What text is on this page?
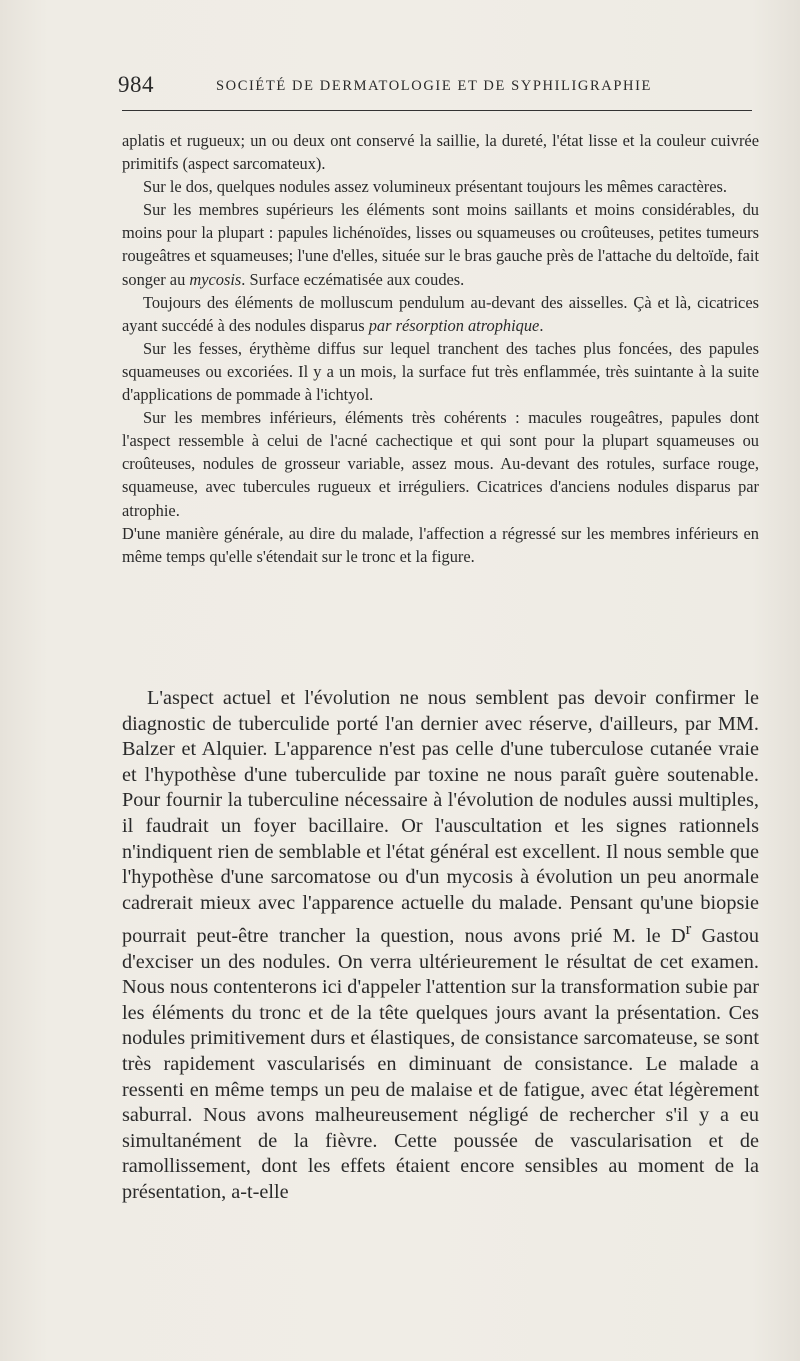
984	SOCIÉTÉ DE DERMATOLOGIE ET DE SYPHILIGRAPHIE

aplatis et rugueux; un ou deux ont conservé la saillie, la dureté, l'état lisse et la couleur cuivrée primitifs (aspect sarcomateux).

Sur le dos, quelques nodules assez volumineux présentant toujours les mêmes caractères.

Sur les membres supérieurs les éléments sont moins saillants et moins considérables, du moins pour la plupart : papules lichénoïdes, lisses ou squameuses ou croûteuses, petites tumeurs rougeâtres et squameuses; l'une d'elles, située sur le bras gauche près de l'attache du deltoïde, fait songer au mycosis. Surface eczématisée aux coudes.

Toujours des éléments de molluscum pendulum au-devant des aisselles. Çà et là, cicatrices ayant succédé à des nodules disparus par résorption atrophique.

Sur les fesses, érythème diffus sur lequel tranchent des taches plus foncées, des papules squameuses ou excoriées. Il y a un mois, la surface fut très enflammée, très suintante à la suite d'applications de pommade à l'ichtyol.

Sur les membres inférieurs, éléments très cohérents : macules rougeâtres, papules dont l'aspect ressemble à celui de l'acné cachectique et qui sont pour la plupart squameuses ou croûteuses, nodules de grosseur variable, assez mous. Au-devant des rotules, surface rouge, squameuse, avec tubercules rugueux et irréguliers. Cicatrices d'anciens nodules disparus par atrophie.

D'une manière générale, au dire du malade, l'affection a régressé sur les membres inférieurs en même temps qu'elle s'étendait sur le tronc et la figure.

L'aspect actuel et l'évolution ne nous semblent pas devoir confirmer le diagnostic de tuberculide porté l'an dernier avec réserve, d'ailleurs, par MM. Balzer et Alquier. L'apparence n'est pas celle d'une tuberculose cutanée vraie et l'hypothèse d'une tuberculide par toxine ne nous paraît guère soutenable. Pour fournir la tuberculine nécessaire à l'évolution de nodules aussi multiples, il faudrait un foyer bacillaire. Or l'auscultation et les signes rationnels n'indiquent rien de semblable et l'état général est excellent. Il nous semble que l'hypothèse d'une sarcomatose ou d'un mycosis à évolution un peu anormale cadrerait mieux avec l'apparence actuelle du malade. Pensant qu'une biopsie pourrait peut-être trancher la question, nous avons prié M. le $D^r$ Gastou d'exciser un des nodules. On verra ultérieurement le résultat de cet examen. Nous nous contenterons ici d'appeler l'attention sur la transformation subie par les éléments du tronc et de la tête quelques jours avant la présentation. Ces nodules primitivement durs et élastiques, de consistance sarcomateuse, se sont très rapidement vascularisés en diminuant de consistance. Le malade a ressenti en même temps un peu de malaise et de fatigue, avec état légèrement saburral. Nous avons malheureusement négligé de rechercher s'il y a eu simultanément de la fièvre. Cette poussée de vascularisation et de ramollissement, dont les effets étaient encore sensibles au moment de la présentation, a-t-elle
